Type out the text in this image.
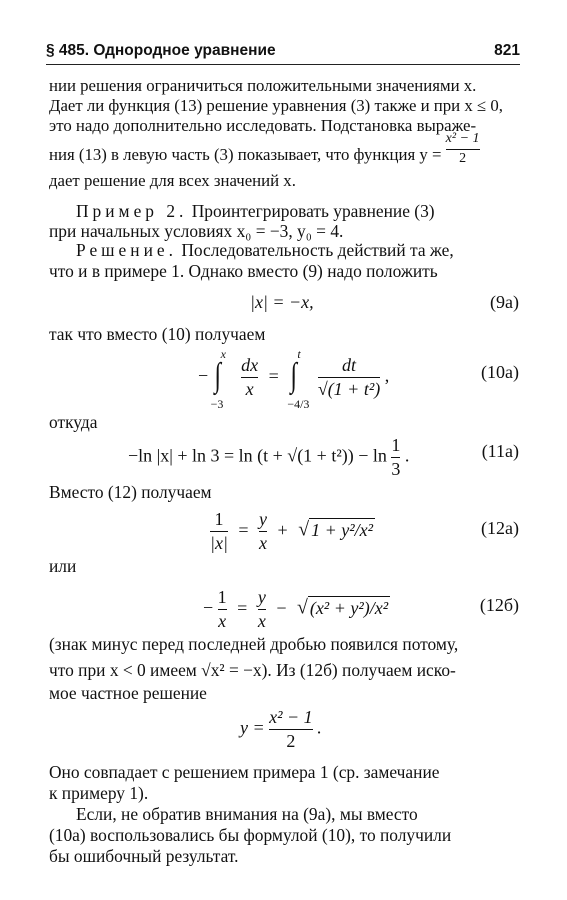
§ 485. Однородное уравнение	821
нии решения ограничиться положительными значениями x.
Дает ли функция (13) решение уравнения (3) также и при x ≤ 0,
это надо дополнительно исследовать. Подстановка выраже-
ния (13) в левую часть (3) показывает, что функция $y = \frac{\text{x² − 1}}{2}$
дает решение для всех значений x.
Пример 2. Проинтегрировать уравнение (3)
при начальных условиях x₀ = −3, y₀ = 4.
Решение. Последовательность действий та же,
что и в примере 1. Однако вместо (9) надо положить
|x| = −x,	(9а)
так что вместо (10) получаем
− ∫
x
−3

$\frac{dx}{x}$ = ∫
t
−4/3

$\frac{dt}{\text{√(1 + t²)}}$ ,	(10а)
откуда
−ln $|x| + \ln 3 = \ln (t + √(1 + t^2)) - \ln \frac{1}{3}$ .	(11а)
Вместо (12) получаем
$\frac{1}{|x|} = \frac{y}{x}$ + √ 1 + y²/x²	(12а)
или
− $\frac{1}{x} = \frac{y}{x}$ − √ (x² + y²)/x²	(12б)
(знак минус перед последней дробью появился потому,
что при x < 0 имеем √x² = −x). Из (12б) получаем иско-
мое частное решение
$y = \frac{\text{x² − 1}}{2}$ .
Оно совпадает с решением примера 1 (ср. замечание
к примеру 1).
Если, не обратив внимания на (9а), мы вместо
(10а) воспользовались бы формулой (10), то получили
бы ошибочный результат.
